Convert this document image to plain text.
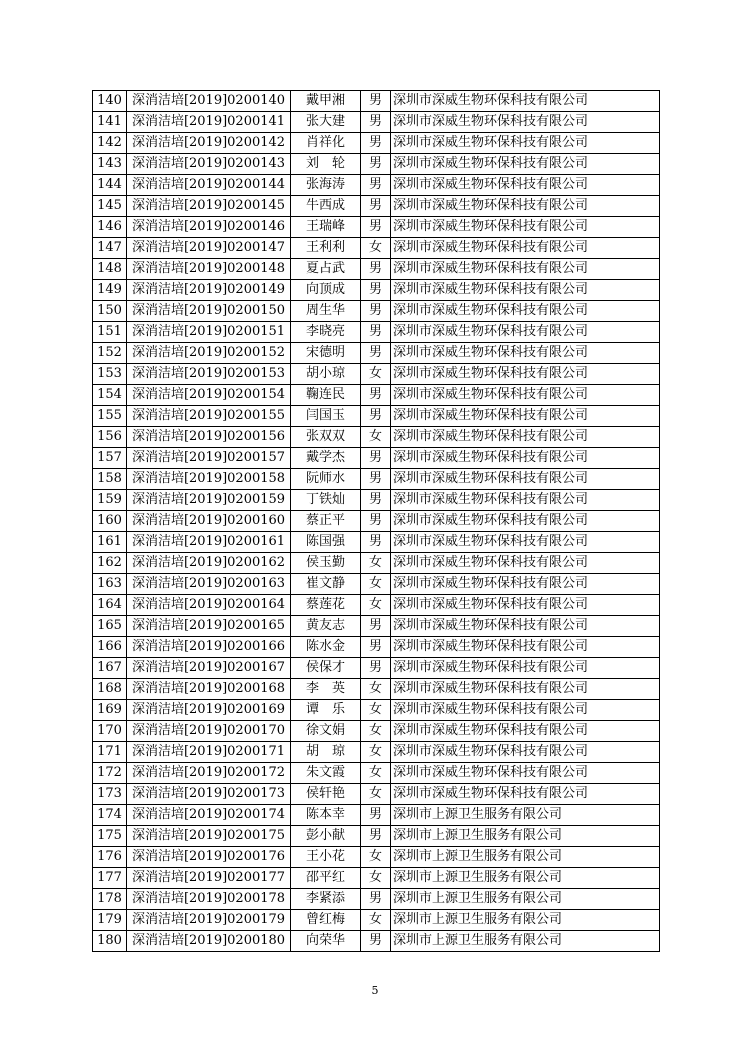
140	深消洁培[2019]0200140	戴甲湘	男	深圳市深威生物环保科技有限公司
141	深消洁培[2019]0200141	张大建	男	深圳市深威生物环保科技有限公司
142	深消洁培[2019]0200142	肖祥化	男	深圳市深威生物环保科技有限公司
143	深消洁培[2019]0200143	刘　轮	男	深圳市深威生物环保科技有限公司
144	深消洁培[2019]0200144	张海涛	男	深圳市深威生物环保科技有限公司
145	深消洁培[2019]0200145	牛西成	男	深圳市深威生物环保科技有限公司
146	深消洁培[2019]0200146	王瑞峰	男	深圳市深威生物环保科技有限公司
147	深消洁培[2019]0200147	王利利	女	深圳市深威生物环保科技有限公司
148	深消洁培[2019]0200148	夏占武	男	深圳市深威生物环保科技有限公司
149	深消洁培[2019]0200149	向顶成	男	深圳市深威生物环保科技有限公司
150	深消洁培[2019]0200150	周生华	男	深圳市深威生物环保科技有限公司
151	深消洁培[2019]0200151	李晓亮	男	深圳市深威生物环保科技有限公司
152	深消洁培[2019]0200152	宋德明	男	深圳市深威生物环保科技有限公司
153	深消洁培[2019]0200153	胡小琼	女	深圳市深威生物环保科技有限公司
154	深消洁培[2019]0200154	鞠连民	男	深圳市深威生物环保科技有限公司
155	深消洁培[2019]0200155	闫国玉	男	深圳市深威生物环保科技有限公司
156	深消洁培[2019]0200156	张双双	女	深圳市深威生物环保科技有限公司
157	深消洁培[2019]0200157	戴学杰	男	深圳市深威生物环保科技有限公司
158	深消洁培[2019]0200158	阮师水	男	深圳市深威生物环保科技有限公司
159	深消洁培[2019]0200159	丁铁灿	男	深圳市深威生物环保科技有限公司
160	深消洁培[2019]0200160	蔡正平	男	深圳市深威生物环保科技有限公司
161	深消洁培[2019]0200161	陈国强	男	深圳市深威生物环保科技有限公司
162	深消洁培[2019]0200162	侯玉勤	女	深圳市深威生物环保科技有限公司
163	深消洁培[2019]0200163	崔文静	女	深圳市深威生物环保科技有限公司
164	深消洁培[2019]0200164	蔡莲花	女	深圳市深威生物环保科技有限公司
165	深消洁培[2019]0200165	黄友志	男	深圳市深威生物环保科技有限公司
166	深消洁培[2019]0200166	陈水金	男	深圳市深威生物环保科技有限公司
167	深消洁培[2019]0200167	侯保才	男	深圳市深威生物环保科技有限公司
168	深消洁培[2019]0200168	李　英	女	深圳市深威生物环保科技有限公司
169	深消洁培[2019]0200169	谭　乐	女	深圳市深威生物环保科技有限公司
170	深消洁培[2019]0200170	徐文娟	女	深圳市深威生物环保科技有限公司
171	深消洁培[2019]0200171	胡　琼	女	深圳市深威生物环保科技有限公司
172	深消洁培[2019]0200172	朱文霞	女	深圳市深威生物环保科技有限公司
173	深消洁培[2019]0200173	侯轩艳	女	深圳市深威生物环保科技有限公司
174	深消洁培[2019]0200174	陈本幸	男	深圳市上源卫生服务有限公司
175	深消洁培[2019]0200175	彭小献	男	深圳市上源卫生服务有限公司
176	深消洁培[2019]0200176	王小花	女	深圳市上源卫生服务有限公司
177	深消洁培[2019]0200177	邵平红	女	深圳市上源卫生服务有限公司
178	深消洁培[2019]0200178	李紧添	男	深圳市上源卫生服务有限公司
179	深消洁培[2019]0200179	曾红梅	女	深圳市上源卫生服务有限公司
180	深消洁培[2019]0200180	向荣华	男	深圳市上源卫生服务有限公司
5
